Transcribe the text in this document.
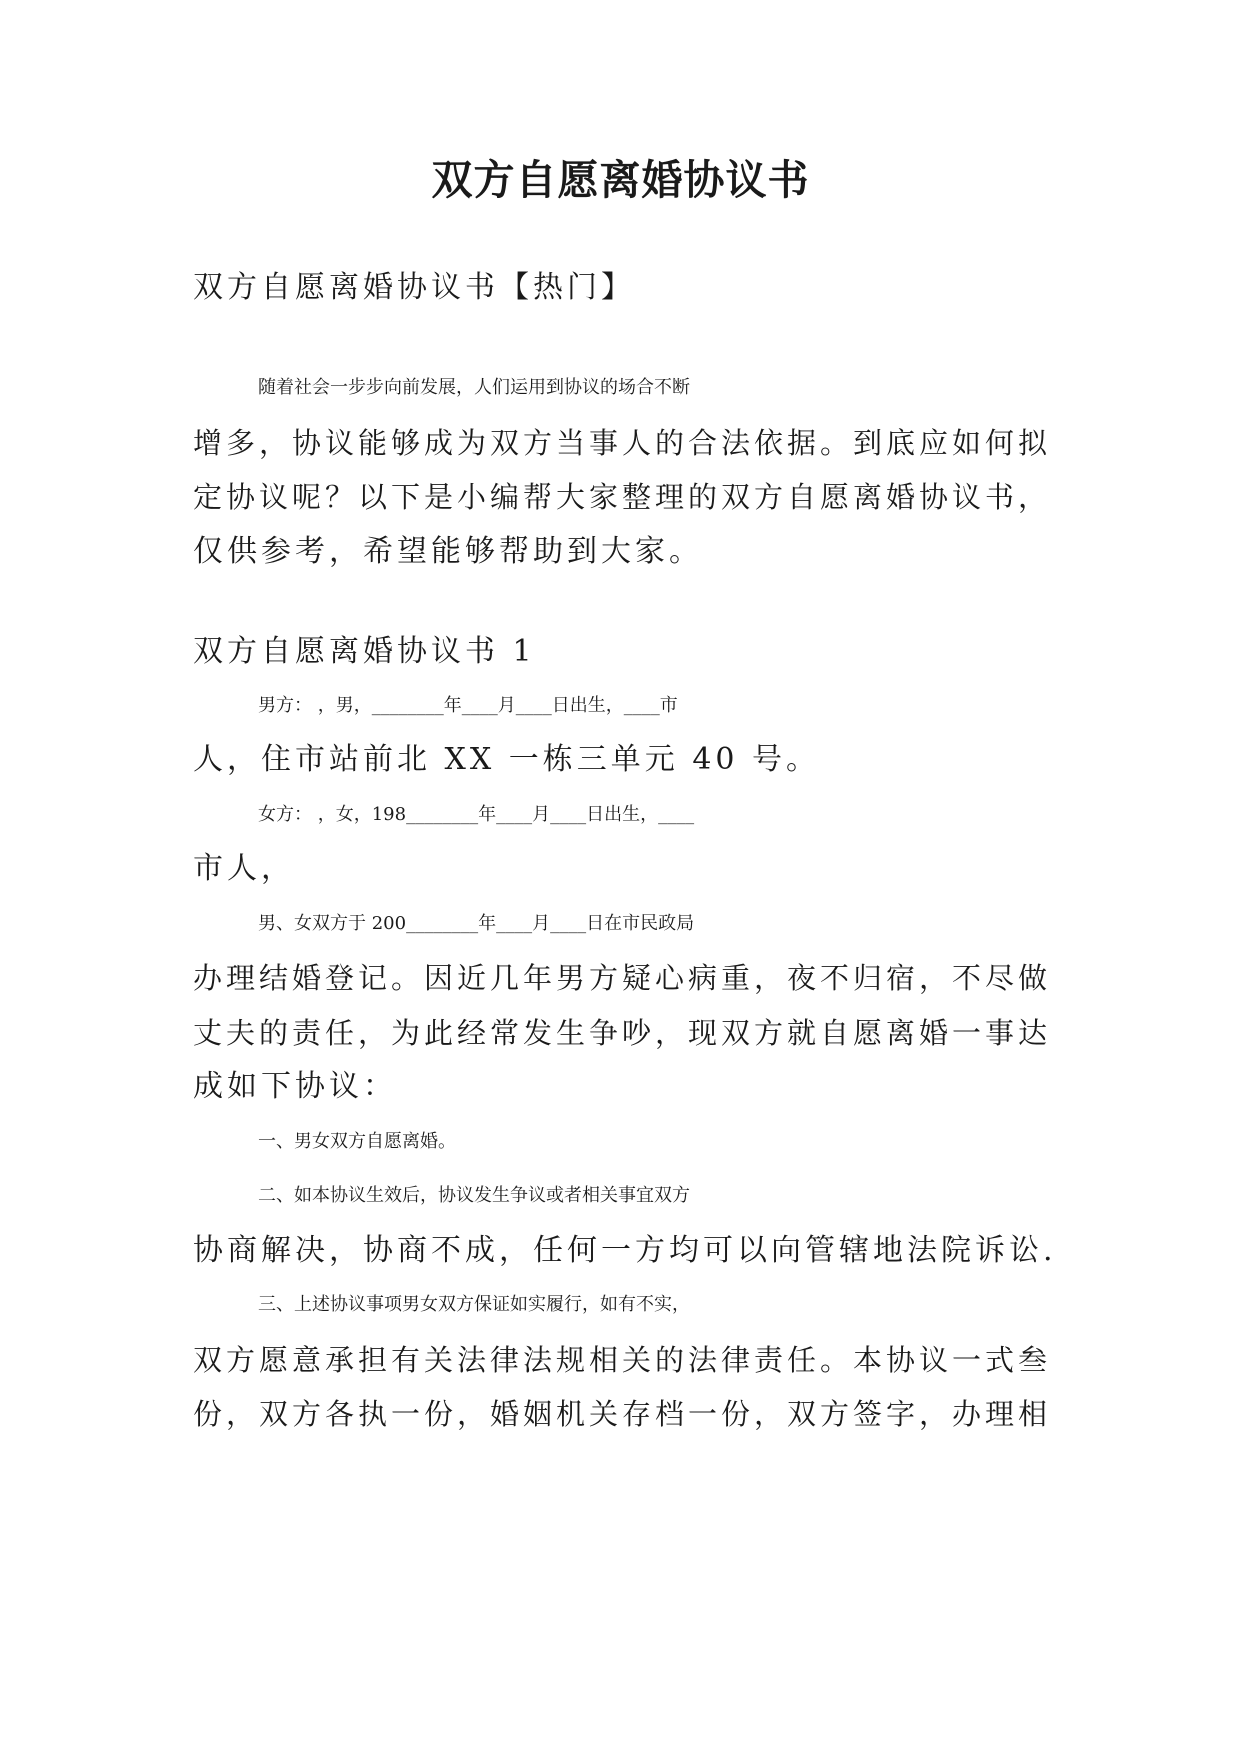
双方自愿离婚协议书

双方自愿离婚协议书【热门】

随着社会一步步向前发展，人们运用到协议的场合不断

增多，协议能够成为双方当事人的合法依据。到底应如何拟

定协议呢？以下是小编帮大家整理的双方自愿离婚协议书，

仅供参考，希望能够帮助到大家。

双方自愿离婚协议书 1

男方： ，男，________年____月____日出生，____市

人，住市站前北 XX 一栋三单元 40 号。

女方： ，女，198________年____月____日出生，____

市人，

男、女双方于 200________年____月____日在市民政局

办理结婚登记。因近几年男方疑心病重，夜不归宿，不尽做

丈夫的责任，为此经常发生争吵，现双方就自愿离婚一事达

成如下协议：

一、男女双方自愿离婚。

二、如本协议生效后，协议发生争议或者相关事宜双方

协商解决，协商不成，任何一方均可以向管辖地法院诉讼.

三、上述协议事项男女双方保证如实履行，如有不实，

双方愿意承担有关法律法规相关的法律责任。本协议一式叁

份，双方各执一份，婚姻机关存档一份，双方签字，办理相
